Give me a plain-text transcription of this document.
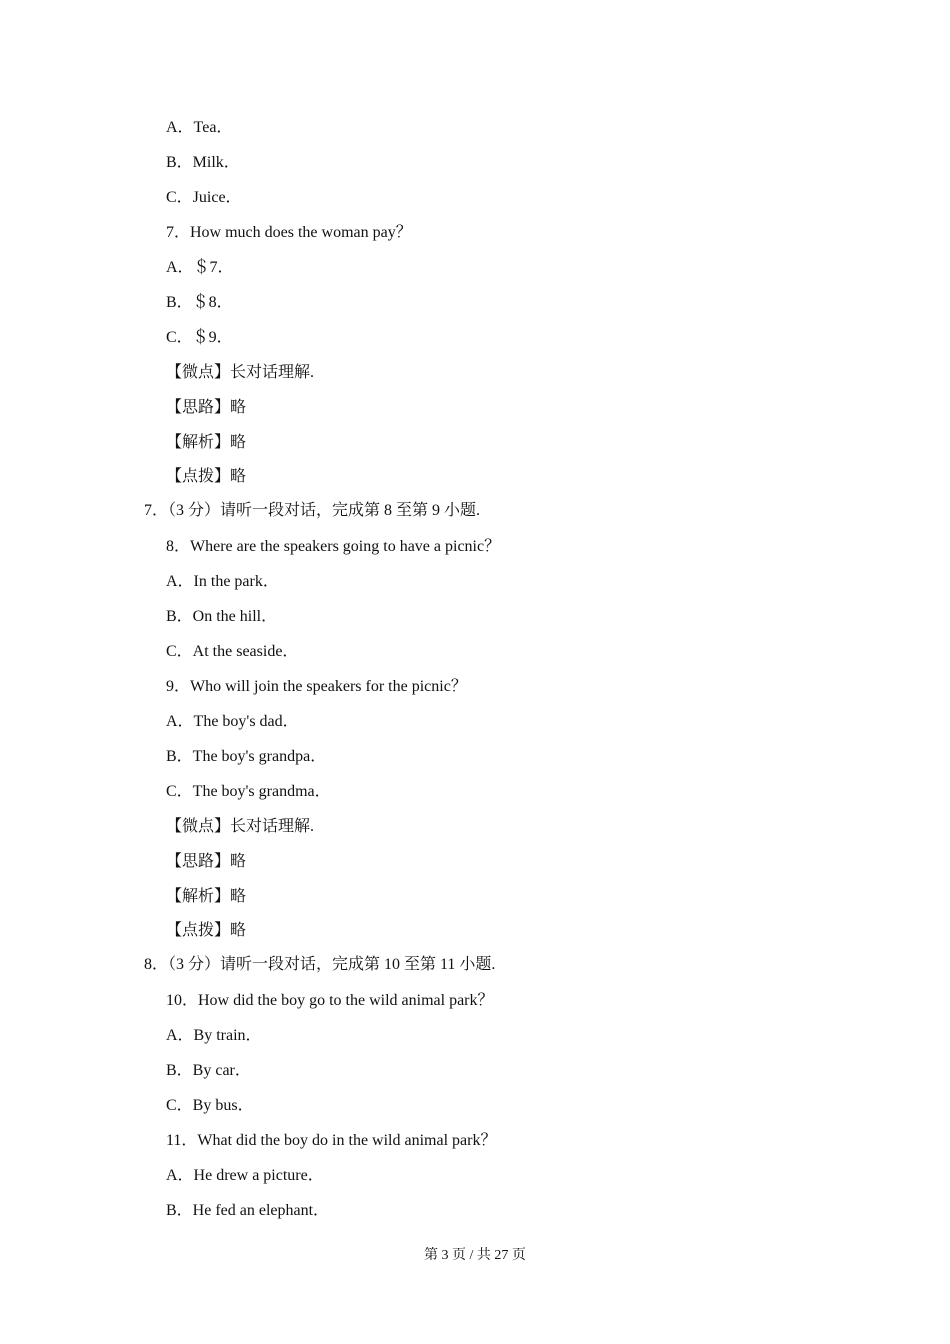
A．Tea．
B．Milk．
C．Juice．
7．How much does the woman pay？
A．＄7．
B．＄8．
C．＄9．
【微点】长对话理解.
【思路】略
【解析】略
【点拨】略
7．（3 分）请听一段对话，完成第 8 至第 9 小题.
8．Where are the speakers going to have a picnic？
A．In the park．
B．On the hill．
C．At the seaside．
9．Who will join the speakers for the picnic？
A．The boy's dad．
B．The boy's grandpa．
C．The boy's grandma．
【微点】长对话理解.
【思路】略
【解析】略
【点拨】略
8．（3 分）请听一段对话，完成第 10 至第 11 小题.
10．How did the boy go to the wild animal park？
A．By train．
B．By car．
C．By bus．
11．What did the boy do in the wild animal park？
A．He drew a picture．
B．He fed an elephant．
第 3 页 / 共 27 页
